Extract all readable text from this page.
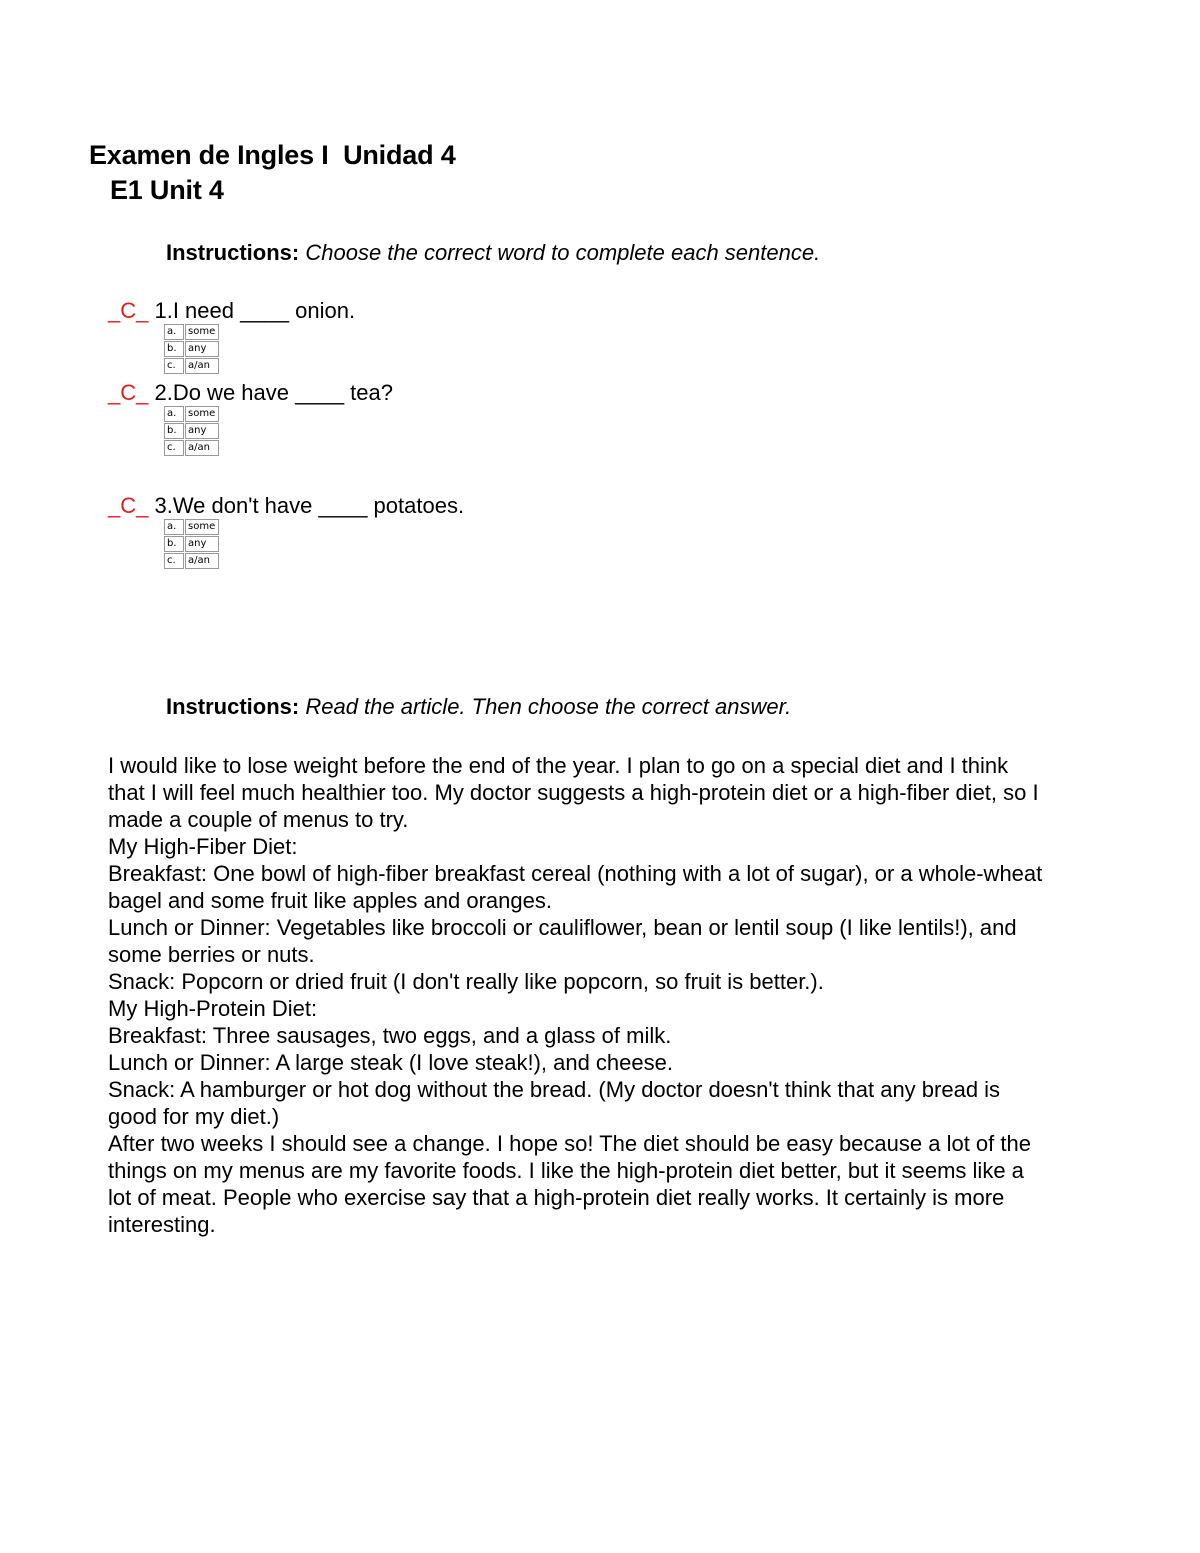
Examen de Ingles I  Unidad 4
E1 Unit 4
Instructions: Choose the correct word to complete each sentence.
_C_ 1.I need ____ onion.
a.	some
b.	any
c.	a/an
_C_ 2.Do we have ____ tea?
a.	some
b.	any
c.	a/an
_C_ 3.We don't have ____ potatoes.
a.	some
b.	any
c.	a/an
Instructions: Read the article. Then choose the correct answer.

I would like to lose weight before the end of the year. I plan to go on a special diet and I think that I will feel much healthier too. My doctor suggests a high-protein diet or a high-fiber diet, so I made a couple of menus to try.

My High-Fiber Diet:

Breakfast: One bowl of high-fiber breakfast cereal (nothing with a lot of sugar), or a whole-wheat bagel and some fruit like apples and oranges.

Lunch or Dinner: Vegetables like broccoli or cauliflower, bean or lentil soup (I like lentils!), and some berries or nuts.

Snack: Popcorn or dried fruit (I don't really like popcorn, so fruit is better.).

My High-Protein Diet:

Breakfast: Three sausages, two eggs, and a glass of milk.

Lunch or Dinner: A large steak (I love steak!), and cheese.

Snack: A hamburger or hot dog without the bread. (My doctor doesn't think that any bread is good for my diet.)

After two weeks I should see a change. I hope so! The diet should be easy because a lot of the things on my menus are my favorite foods. I like the high-protein diet better, but it seems like a lot of meat. People who exercise say that a high-protein diet really works. It certainly is more interesting.
